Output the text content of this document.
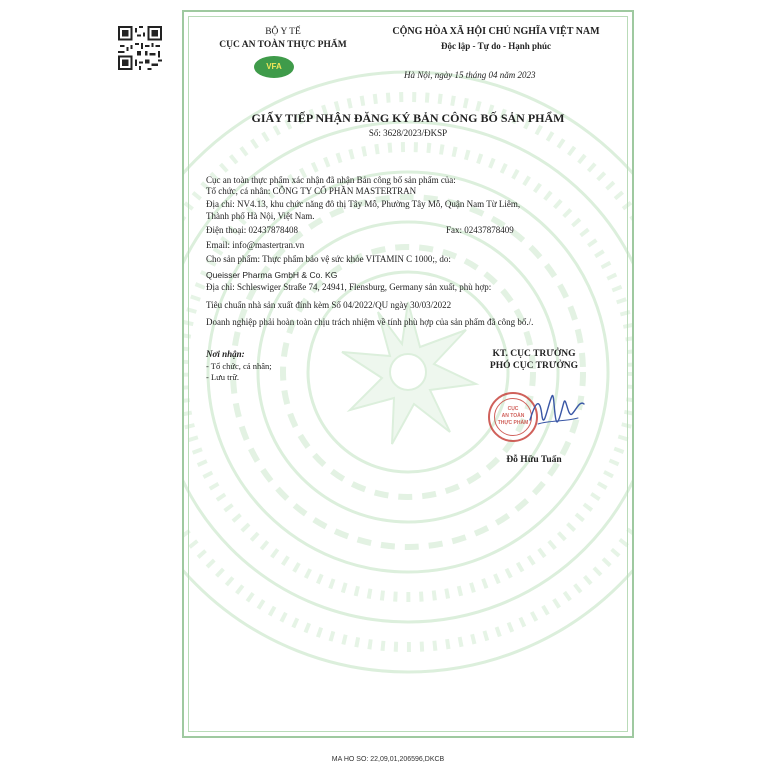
BỘ Y TẾ
CỤC AN TOÀN THỰC PHẨM
VFA
CỘNG HÒA XÃ HỘI CHỦ NGHĨA VIỆT NAM
Độc lập - Tự do - Hạnh phúc
Hà Nội, ngày 15 tháng 04 năm 2023
GIẤY TIẾP NHẬN ĐĂNG KÝ BẢN CÔNG BỐ SẢN PHẨM
Số: 3628/2023/ĐKSP
Cục an toàn thực phẩm xác nhận đã nhận Bản công bố sản phẩm của:
Tổ chức, cá nhân: CÔNG TY CỔ PHẦN MASTERTRAN
Địa chỉ: NV4.13, khu chức năng đô thị Tây Mỗ, Phường Tây Mỗ, Quận Nam Từ Liêm,
Thành phố Hà Nội, Việt Nam.
Điện thoại: 02437878408	Fax: 02437878409
Email: info@mastertran.vn
Cho sản phẩm: Thực phẩm bảo vệ sức khỏe VITAMIN C 1000;, do:
Queisser Pharma GmbH & Co. KG
Địa chỉ: Schleswiger Straße 74, 24941, Flensburg, Germany sản xuất, phù hợp:
Tiêu chuẩn nhà sản xuất đính kèm Số 04/2022/QU ngày 30/03/2022
Doanh nghiệp phải hoàn toàn chịu trách nhiệm về tính phù hợp của sản phẩm đã công bố./.
Nơi nhận:
- Tổ chức, cá nhân;
- Lưu trữ.
KT. CỤC TRƯỞNG
PHÓ CỤC TRƯỞNG
CỤC
AN TOÀN
THỰC PHẨM
Đỗ Hữu Tuấn
MA HO SO: 22,09,01,206596,DKCB
